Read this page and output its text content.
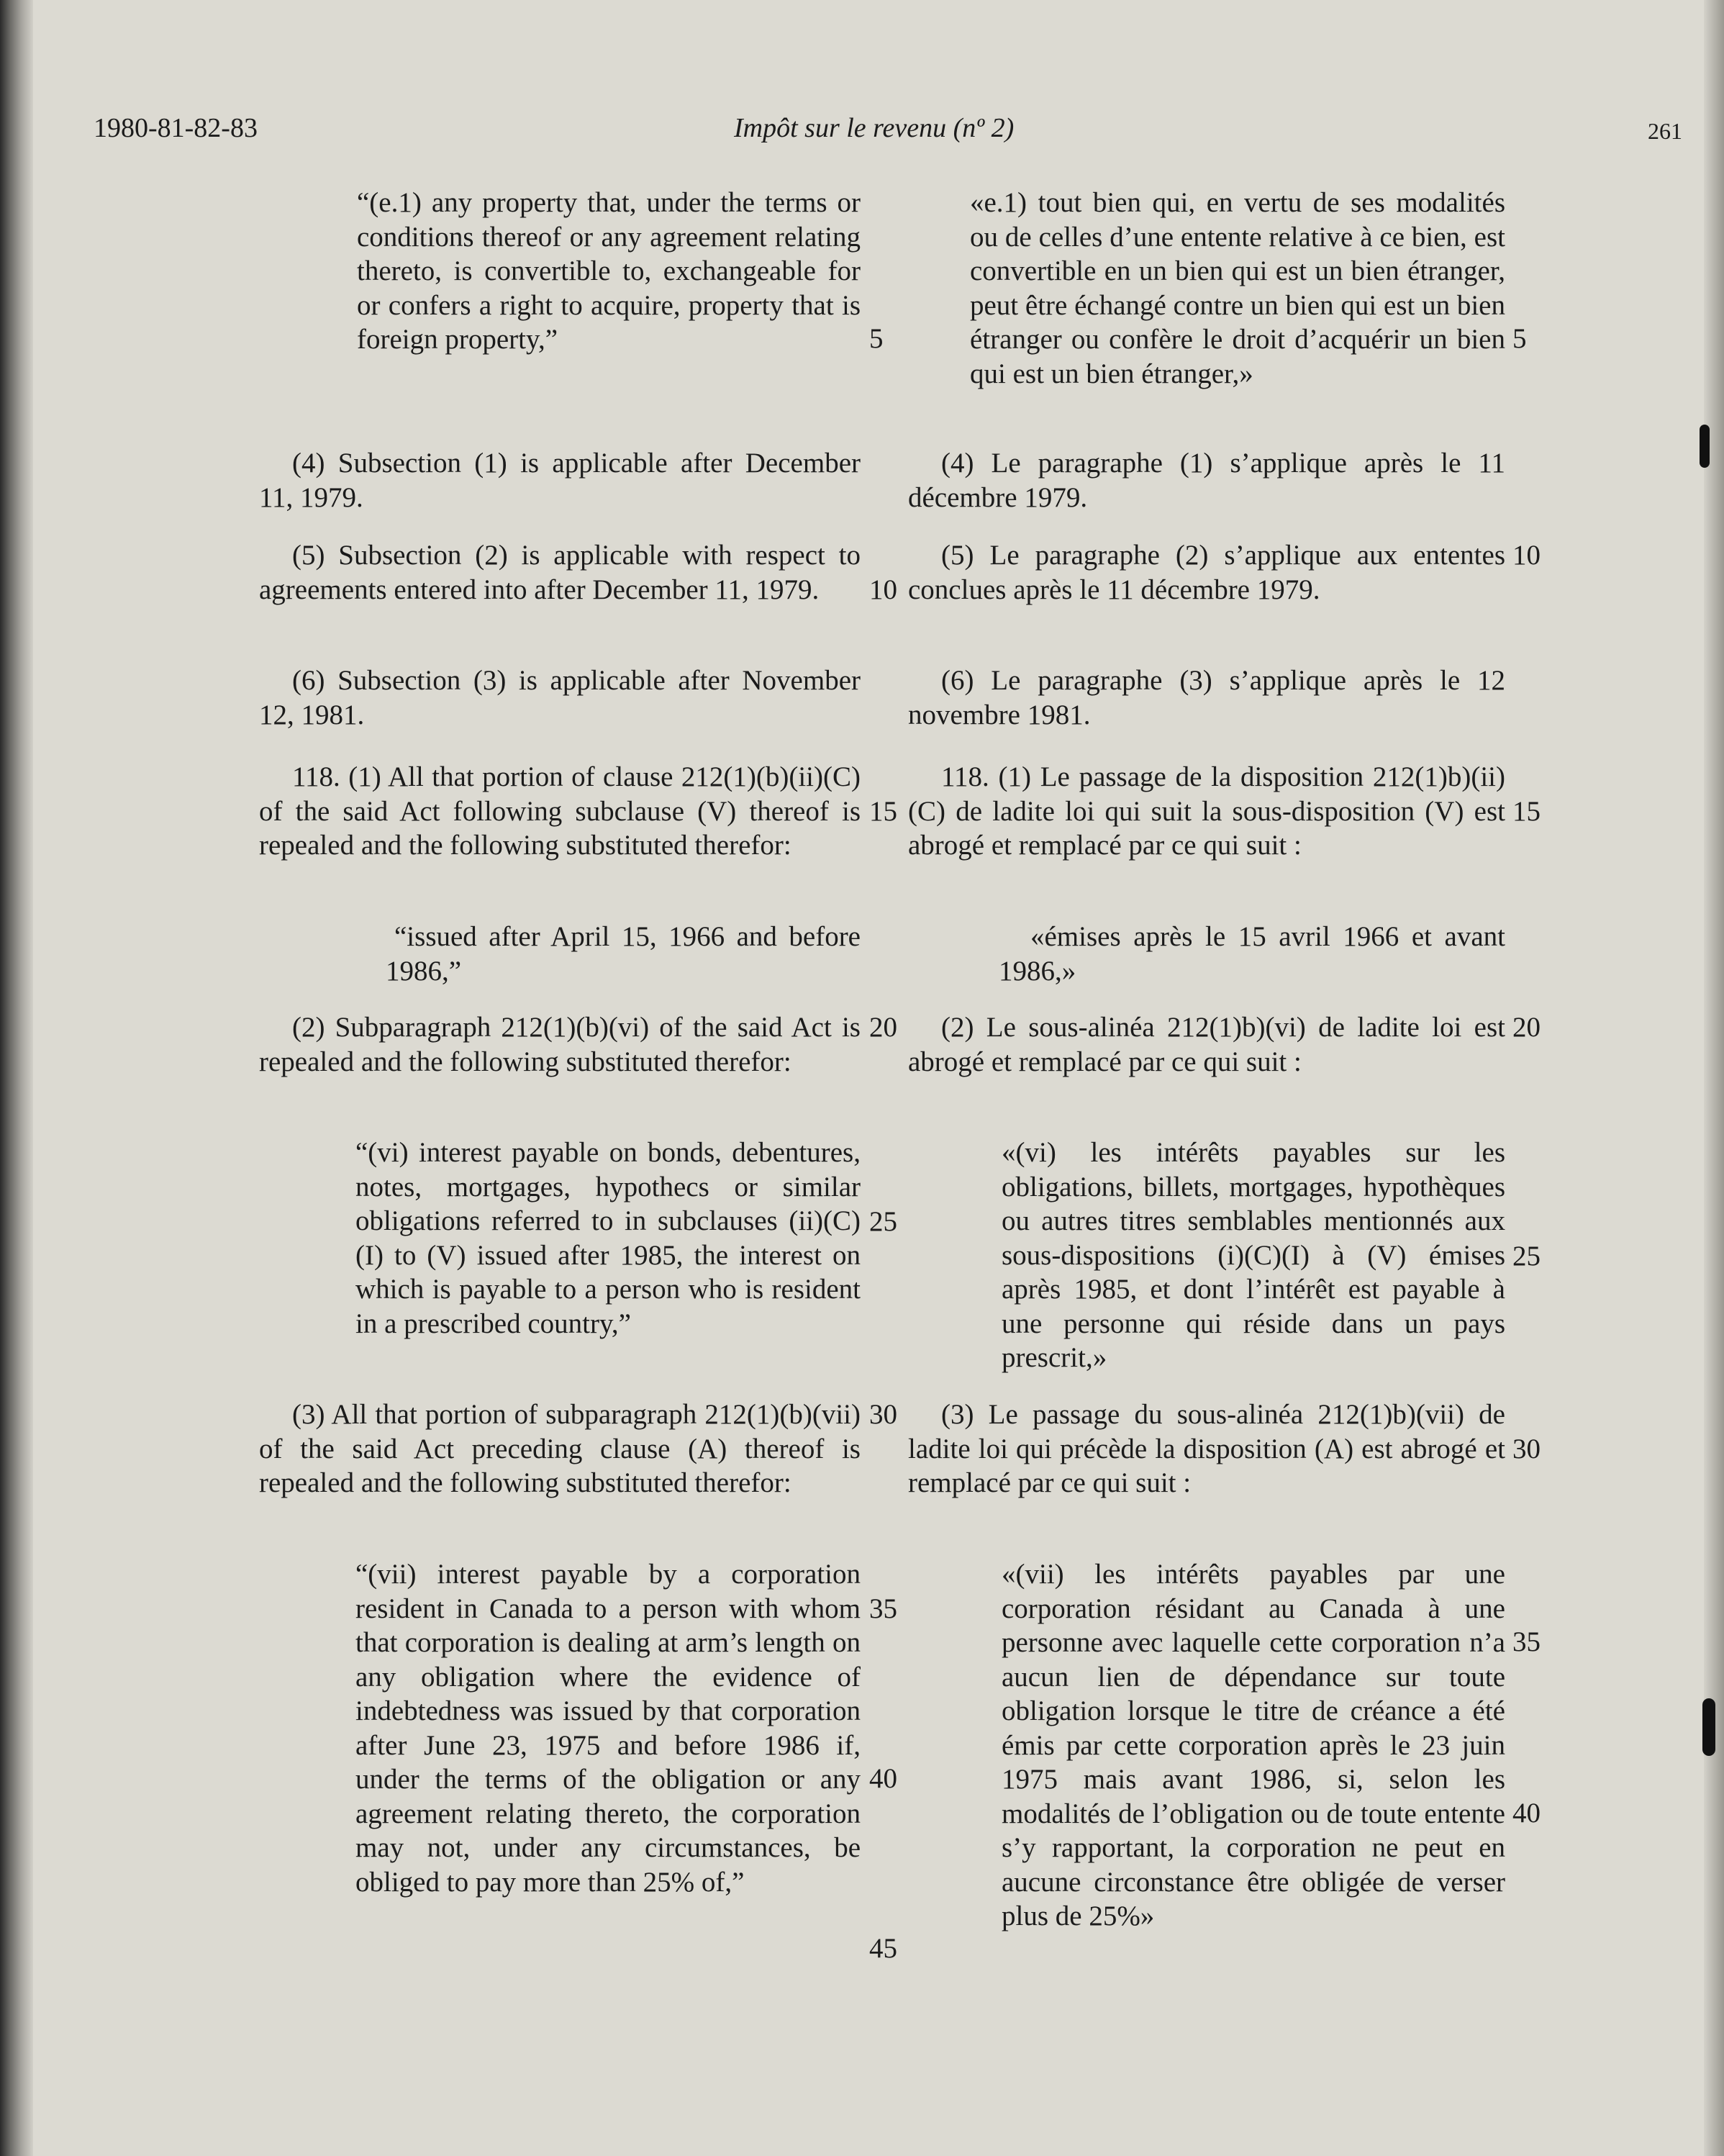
1980-81-82-83	Impôt sur le revenu (nº 2)	261
“(e.1) any property that, under the terms or conditions thereof or any agreement relating thereto, is convertible to, exchangeable for or confers a right to acquire, property that is foreign property,”
(4) Subsection (1) is applicable after December 11, 1979.
(5) Subsection (2) is applicable with respect to agreements entered into after December 11, 1979.
(6) Subsection (3) is applicable after November 12, 1981.
118. (1) All that portion of clause 212(1)(b)(ii)(C) of the said Act following subclause (V) thereof is repealed and the following substituted therefor:
“issued after April 15, 1966 and before 1986,”
(2) Subparagraph 212(1)(b)(vi) of the said Act is repealed and the following substituted therefor:
“(vi) interest payable on bonds, debentures, notes, mortgages, hypothecs or similar obligations referred to in subclauses (ii)(C)(I) to (V) issued after 1985, the interest on which is payable to a person who is resident in a prescribed country,”
(3) All that portion of subparagraph 212(1)(b)(vii) of the said Act preceding clause (A) thereof is repealed and the following substituted therefor:
“(vii) interest payable by a corporation resident in Canada to a person with whom that corporation is dealing at arm’s length on any obligation where the evidence of indebtedness was issued by that corporation after June 23, 1975 and before 1986 if, under the terms of the obligation or any agreement relating thereto, the corporation may not, under any circumstances, be obliged to pay more than 25% of,”
«e.1) tout bien qui, en vertu de ses modalités ou de celles d’une entente relative à ce bien, est convertible en un bien qui est un bien étranger, peut être échangé contre un bien qui est un bien étranger ou confère le droit d’acquérir un bien qui est un bien étranger,»
(4) Le paragraphe (1) s’applique après le 11 décembre 1979.
(5) Le paragraphe (2) s’applique aux ententes conclues après le 11 décembre 1979.
(6) Le paragraphe (3) s’applique après le 12 novembre 1981.
118. (1) Le passage de la disposition 212(1)b)(ii)(C) de ladite loi qui suit la sous-disposition (V) est abrogé et remplacé par ce qui suit :
«émises après le 15 avril 1966 et avant 1986,»
(2) Le sous-alinéa 212(1)b)(vi) de ladite loi est abrogé et remplacé par ce qui suit :
«(vi) les intérêts payables sur les obligations, billets, mortgages, hypothèques ou autres titres semblables mentionnés aux sous-dispositions (i)(C)(I) à (V) émises après 1985, et dont l’intérêt est payable à une personne qui réside dans un pays prescrit,»
(3) Le passage du sous-alinéa 212(1)b)(vii) de ladite loi qui précède la disposition (A) est abrogé et remplacé par ce qui suit :
«(vii) les intérêts payables par une corporation résidant au Canada à une personne avec laquelle cette corporation n’a aucun lien de dépendance sur toute obligation lorsque le titre de créance a été émis par cette corporation après le 23 juin 1975 mais avant 1986, si, selon les modalités de l’obligation ou de toute entente s’y rapportant, la corporation ne peut en aucune circonstance être obligée de verser plus de 25%»
5
10
15
20
25
30
35
40
45
5
10
15
20
25
30
35
40
